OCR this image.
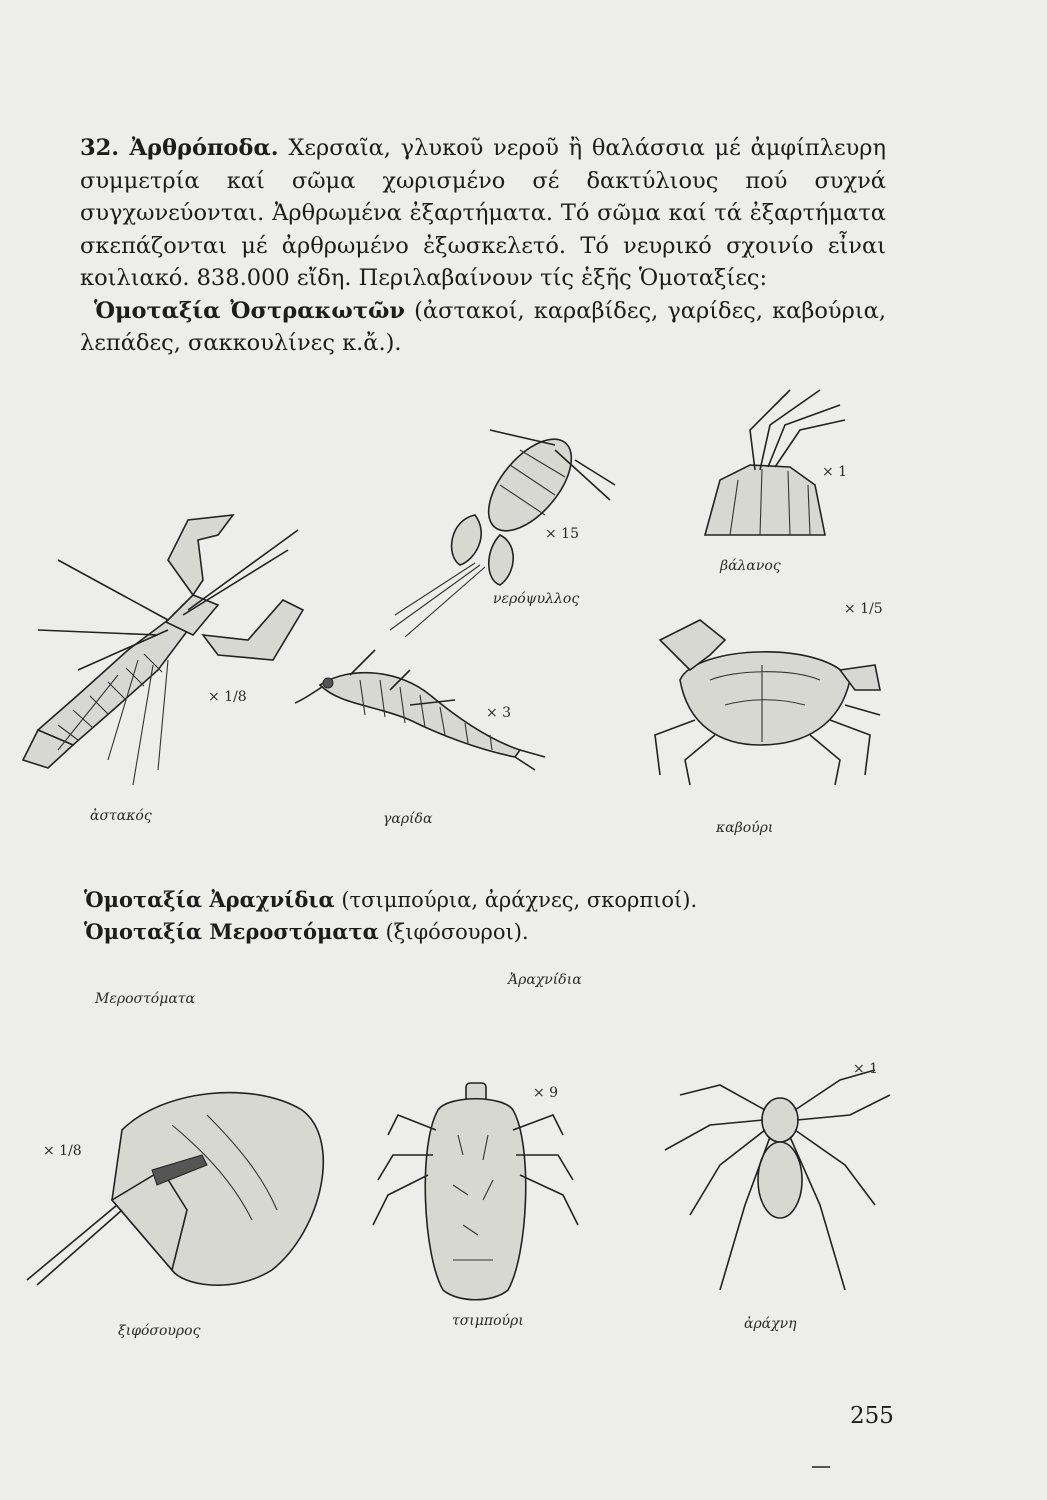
32. Ἀρθρόποδα. Χερσαῖα, γλυκοῦ νεροῦ ἢ θαλάσσια μέ ἀμφίπλευρη συμμετρία καί σῶμα χωρισμένο σέ δακτύλιους πού συχνά συγχωνεύονται. Ἀρθρωμένα ἐξαρτήματα. Τό σῶμα καί τά ἐξαρτήματα σκεπάζονται μέ ἀρθρωμένο ἐξωσκελετό. Τό νευρικό σχοινίο εἶναι κοιλιακό. 838.000 εἴδη. Περιλαβαίνουν τίς ἑξῆς Ὁμοταξίες:

Ὁμοταξία Ὀστρακωτῶν (ἀστακοί, καραβίδες, γαρίδες, καβούρια, λεπάδες, σακκουλίνες κ.ἄ.).

× 1
× 15
βάλανος
νερόψυλλος
× 1/5
× 1/8
× 3
ἀστακός	γαρίδα
καβούρι

Ὁμοταξία Ἀραχνίδια (τσιμπούρια, ἀράχνες, σκορπιοί).

Ὁμοταξία Μεροστόματα (ξιφόσουροι).

Ἀραχνίδια
Μεροστόματα
× 1/8
× 9
× 1
ξιφόσουρος
τσιμπούρι	ἀράχνη
255
